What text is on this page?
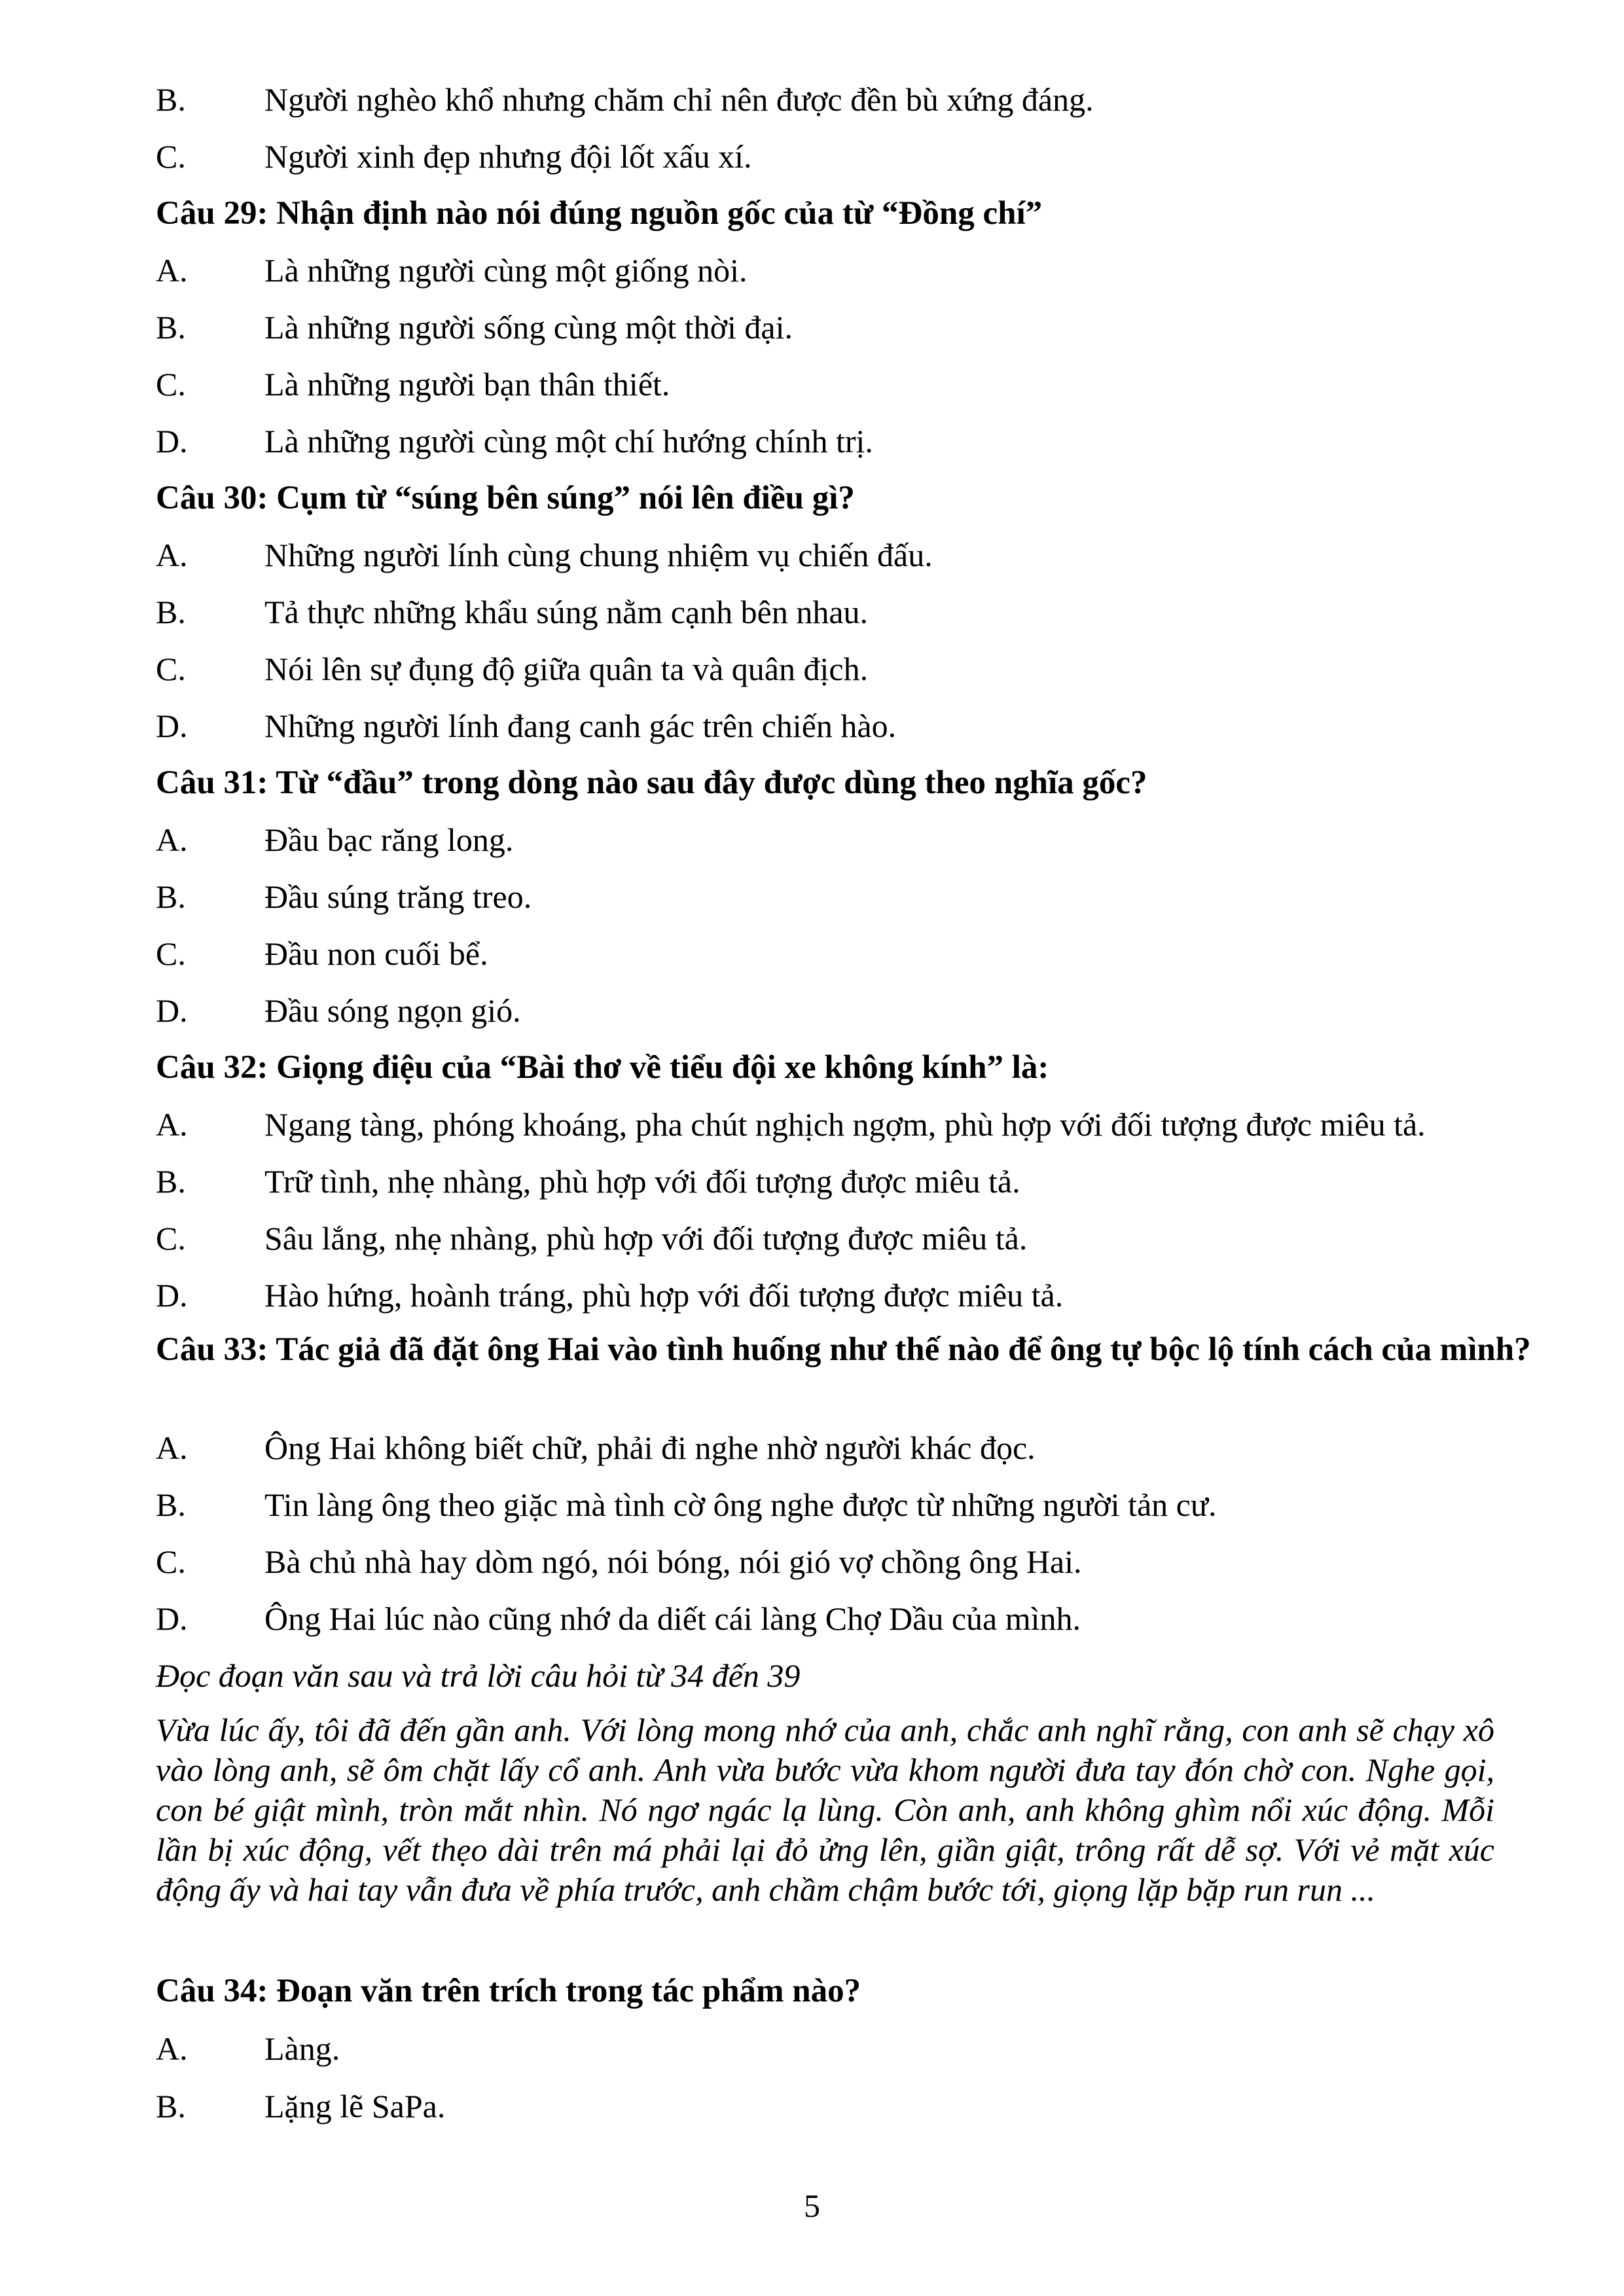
B. Người nghèo khổ nhưng chăm chỉ nên được đền bù xứng đáng.
C. Người xinh đẹp nhưng đội lốt xấu xí.
Câu 29: Nhận định nào nói đúng nguồn gốc của từ “Đồng chí”
A. Là những người cùng một giống nòi.
B. Là những người sống cùng một thời đại.
C. Là những người bạn thân thiết.
D. Là những người cùng một chí hướng chính trị.
Câu 30: Cụm từ “súng bên súng” nói lên điều gì?
A. Những người lính cùng chung nhiệm vụ chiến đấu.
B. Tả thực những khẩu súng nằm cạnh bên nhau.
C. Nói lên sự đụng độ giữa quân ta và quân địch.
D. Những người lính đang canh gác trên chiến hào.
Câu 31: Từ “đầu” trong dòng nào sau đây được dùng theo nghĩa gốc?
A. Đầu bạc răng long.
B. Đầu súng trăng treo.
C. Đầu non cuối bể.
D. Đầu sóng ngọn gió.
Câu 32: Giọng điệu của “Bài thơ về tiểu đội xe không kính” là:
A. Ngang tàng, phóng khoáng, pha chút nghịch ngợm, phù hợp với đối tượng được miêu tả.
B. Trữ tình, nhẹ nhàng, phù hợp với đối tượng được miêu tả.
C. Sâu lắng, nhẹ nhàng, phù hợp với đối tượng được miêu tả.
D. Hào hứng, hoành tráng, phù hợp với đối tượng được miêu tả.
Câu 33: Tác giả đã đặt ông Hai vào tình huống như thế nào để ông tự bộc lộ tính cách của mình?
A. Ông Hai không biết chữ, phải đi nghe nhờ người khác đọc.
B. Tin làng ông theo giặc mà tình cờ ông nghe được từ những người tản cư.
C. Bà chủ nhà hay dòm ngó, nói bóng, nói gió vợ chồng ông Hai.
D. Ông Hai lúc nào cũng nhớ da diết cái làng Chợ Dầu của mình.
Đọc đoạn văn sau và trả lời câu hỏi từ 34 đến 39
Vừa lúc ấy, tôi đã đến gần anh. Với lòng mong nhớ của anh, chắc anh nghĩ rằng, con anh sẽ chạy xô vào lòng anh, sẽ ôm chặt lấy cổ anh. Anh vừa bước vừa khom người đưa tay đón chờ con. Nghe gọi, con bé giật mình, tròn mắt nhìn. Nó ngơ ngác lạ lùng. Còn anh, anh không ghìm nổi xúc động. Mỗi lần bị xúc động, vết thẹo dài trên má phải lại đỏ ửng lên, giần giật, trông rất dễ sợ. Với vẻ mặt xúc động ấy và hai tay vẫn đưa về phía trước, anh chầm chậm bước tới, giọng lặp bặp run run ...
Câu 34: Đoạn văn trên trích trong tác phẩm nào?
A. Làng.
B. Lặng lẽ SaPa.
5
